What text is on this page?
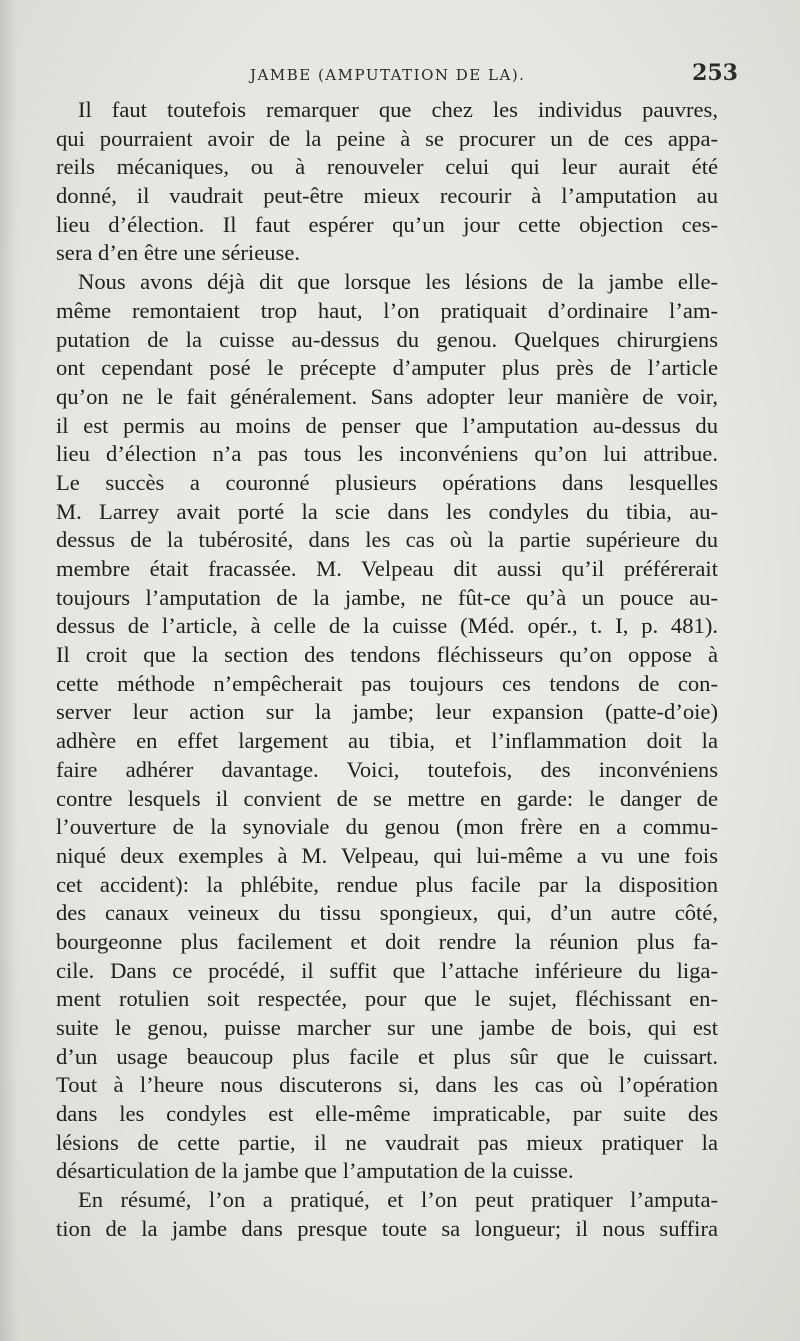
JAMBE (AMPUTATION DE LA).	253
Il faut toutefois remarquer que chez les individus pauvres,
qui pourraient avoir de la peine à se procurer un de ces appa-
reils mécaniques, ou à renouveler celui qui leur aurait été
donné, il vaudrait peut-être mieux recourir à l’amputation au
lieu d’élection. Il faut espérer qu’un jour cette objection ces-
sera d’en être une sérieuse.
Nous avons déjà dit que lorsque les lésions de la jambe elle-
même remontaient trop haut, l’on pratiquait d’ordinaire l’am-
putation de la cuisse au-dessus du genou. Quelques chirurgiens
ont cependant posé le précepte d’amputer plus près de l’article
qu’on ne le fait généralement. Sans adopter leur manière de voir,
il est permis au moins de penser que l’amputation au-dessus du
lieu d’élection n’a pas tous les inconvéniens qu’on lui attribue.
Le succès a couronné plusieurs opérations dans lesquelles
M. Larrey avait porté la scie dans les condyles du tibia, au-
dessus de la tubérosité, dans les cas où la partie supérieure du
membre était fracassée. M. Velpeau dit aussi qu’il préférerait
toujours l’amputation de la jambe, ne fût-ce qu’à un pouce au-
dessus de l’article, à celle de la cuisse (Méd. opér., t. I, p. 481).
Il croit que la section des tendons fléchisseurs qu’on oppose à
cette méthode n’empêcherait pas toujours ces tendons de con-
server leur action sur la jambe; leur expansion (patte-d’oie)
adhère en effet largement au tibia, et l’inflammation doit la
faire adhérer davantage. Voici, toutefois, des inconvéniens
contre lesquels il convient de se mettre en garde: le danger de
l’ouverture de la synoviale du genou (mon frère en a commu-
niqué deux exemples à M. Velpeau, qui lui-même a vu une fois
cet accident): la phlébite, rendue plus facile par la disposition
des canaux veineux du tissu spongieux, qui, d’un autre côté,
bourgeonne plus facilement et doit rendre la réunion plus fa-
cile. Dans ce procédé, il suffit que l’attache inférieure du liga-
ment rotulien soit respectée, pour que le sujet, fléchissant en-
suite le genou, puisse marcher sur une jambe de bois, qui est
d’un usage beaucoup plus facile et plus sûr que le cuissart.
Tout à l’heure nous discuterons si, dans les cas où l’opération
dans les condyles est elle-même impraticable, par suite des
lésions de cette partie, il ne vaudrait pas mieux pratiquer la
désarticulation de la jambe que l’amputation de la cuisse.
En résumé, l’on a pratiqué, et l’on peut pratiquer l’amputa-
tion de la jambe dans presque toute sa longueur; il nous suffira
